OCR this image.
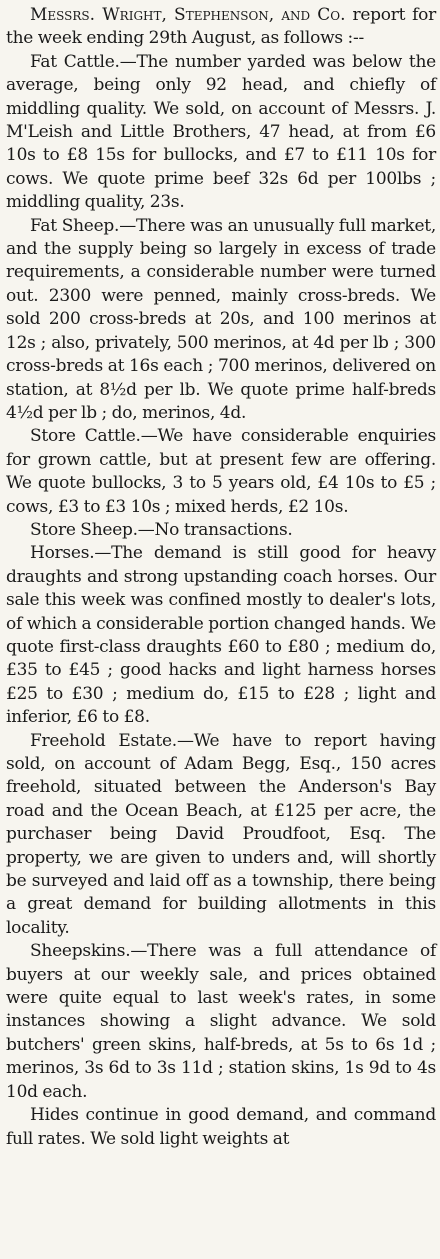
Messrs. Wright, Stephenson, and Co. report for the week ending 29th August, as follows :--

Fat Cattle.—The number yarded was below the average, being only 92 head, and chiefly of middling quality. We sold, on account of Messrs. J. M'Leish and Little Brothers, 47 head, at from £6 10s to £8 15s for bullocks, and £7 to £11 10s for cows. We quote prime beef 32s 6d per 100lbs ; middling quality, 23s.

Fat Sheep.—There was an unusually full market, and the supply being so largely in excess of trade requirements, a considerable number were turned out. 2300 were penned, mainly cross-breds. We sold 200 cross-breds at 20s, and 100 merinos at 12s ; also, privately, 500 merinos, at 4d per lb ; 300 cross-breds at 16s each ; 700 merinos, delivered on station, at 8½d per lb. We quote prime half-breds 4½d per lb ; do, merinos, 4d.

Store Cattle.—We have considerable enquiries for grown cattle, but at present few are offering. We quote bullocks, 3 to 5 years old, £4 10s to £5 ; cows, £3 to £3 10s ; mixed herds, £2 10s.

Store Sheep.—No transactions.

Horses.—The demand is still good for heavy draughts and strong upstanding coach horses. Our sale this week was confined mostly to dealer's lots, of which a considerable portion changed hands. We quote first-class draughts £60 to £80 ; medium do, £35 to £45 ; good hacks and light harness horses £25 to £30 ; medium do, £15 to £28 ; light and inferior, £6 to £8.

Freehold Estate.—We have to report having sold, on account of Adam Begg, Esq., 150 acres freehold, situated between the Anderson's Bay road and the Ocean Beach, at £125 per acre, the purchaser being David Proudfoot, Esq. The property, we are given to unders and, will shortly be surveyed and laid off as a township, there being a great demand for building allotments in this locality.

Sheepskins.—There was a full attendance of buyers at our weekly sale, and prices obtained were quite equal to last week's rates, in some instances showing a slight advance. We sold butchers' green skins, half-breds, at 5s to 6s 1d ; merinos, 3s 6d to 3s 11d ; station skins, 1s 9d to 4s 10d each.

Hides continue in good demand, and command full rates. We sold light weights at
